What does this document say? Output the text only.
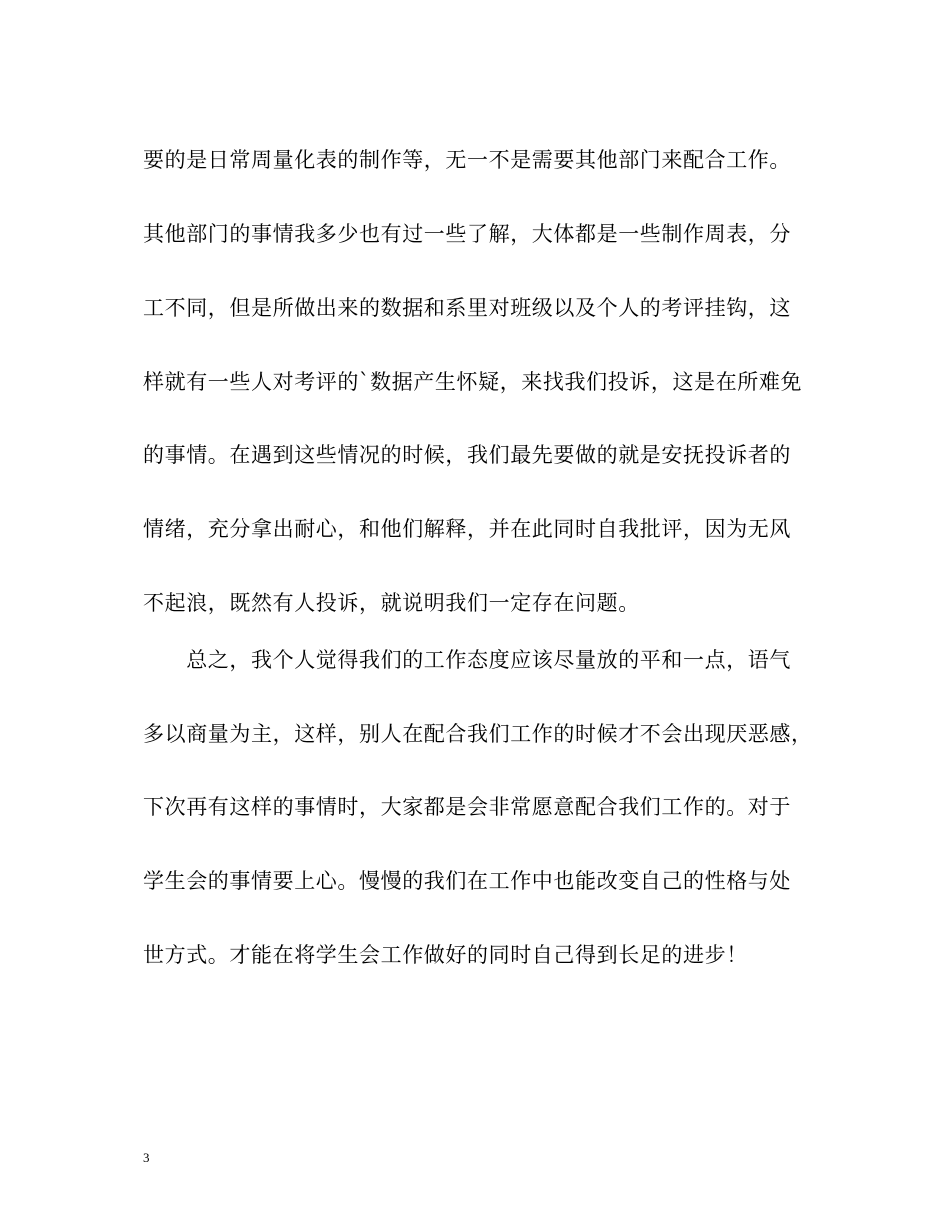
要的是日常周量化表的制作等，无一不是需要其他部门来配合工作。

其他部门的事情我多少也有过一些了解，大体都是一些制作周表，分

工不同，但是所做出来的数据和系里对班级以及个人的考评挂钩，这

样就有一些人对考评的`数据产生怀疑，来找我们投诉，这是在所难免

的事情。在遇到这些情况的时候，我们最先要做的就是安抚投诉者的

情绪，充分拿出耐心，和他们解释，并在此同时自我批评，因为无风

不起浪，既然有人投诉，就说明我们一定存在问题。

　　总之，我个人觉得我们的工作态度应该尽量放的平和一点，语气

多以商量为主，这样，别人在配合我们工作的时候才不会出现厌恶感，

下次再有这样的事情时，大家都是会非常愿意配合我们工作的。对于

学生会的事情要上心。慢慢的我们在工作中也能改变自己的性格与处

世方式。才能在将学生会工作做好的同时自己得到长足的进步！

3
